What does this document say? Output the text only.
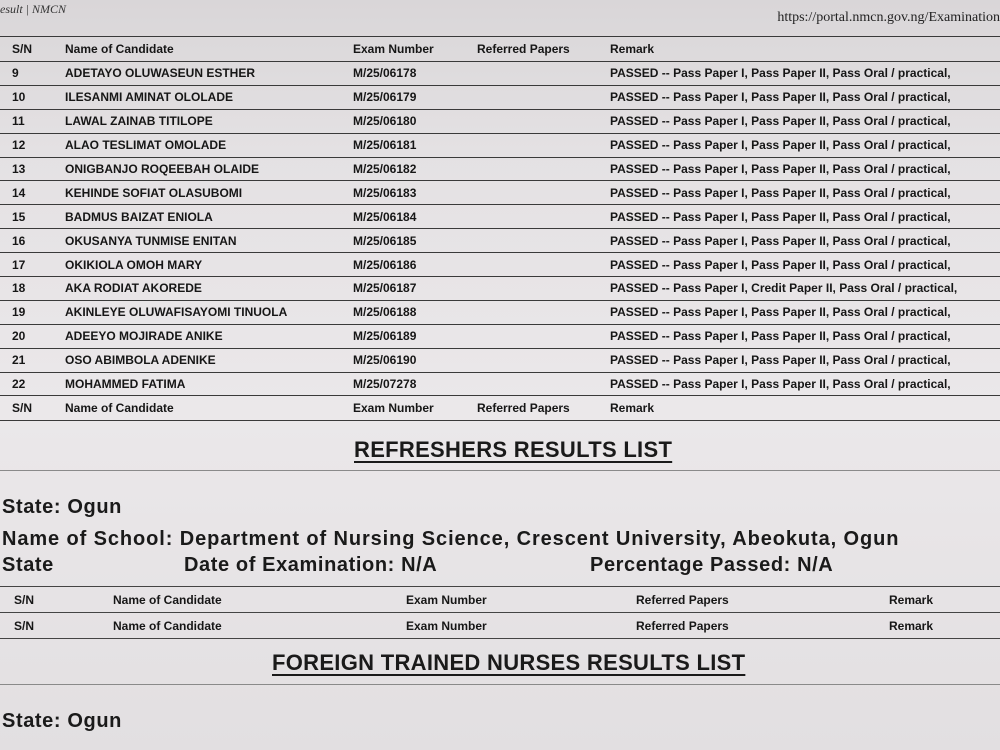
esult | NMCN
https://portal.nmcn.gov.ng/Examination
S/N	Name of Candidate	Exam Number	Referred Papers	Remark
9	ADETAYO OLUWASEUN ESTHER	M/25/06178		PASSED -- Pass Paper I, Pass Paper II, Pass Oral / practical,
10	ILESANMI AMINAT OLOLADE	M/25/06179		PASSED -- Pass Paper I, Pass Paper II, Pass Oral / practical,
11	LAWAL ZAINAB TITILOPE	M/25/06180		PASSED -- Pass Paper I, Pass Paper II, Pass Oral / practical,
12	ALAO TESLIMAT OMOLADE	M/25/06181		PASSED -- Pass Paper I, Pass Paper II, Pass Oral / practical,
13	ONIGBANJO ROQEEBAH OLAIDE	M/25/06182		PASSED -- Pass Paper I, Pass Paper II, Pass Oral / practical,
14	KEHINDE SOFIAT OLASUBOMI	M/25/06183		PASSED -- Pass Paper I, Pass Paper II, Pass Oral / practical,
15	BADMUS BAIZAT ENIOLA	M/25/06184		PASSED -- Pass Paper I, Pass Paper II, Pass Oral / practical,
16	OKUSANYA TUNMISE ENITAN	M/25/06185		PASSED -- Pass Paper I, Pass Paper II, Pass Oral / practical,
17	OKIKIOLA OMOH MARY	M/25/06186		PASSED -- Pass Paper I, Pass Paper II, Pass Oral / practical,
18	AKA RODIAT AKOREDE	M/25/06187		PASSED -- Pass Paper I, Credit Paper II, Pass Oral / practical,
19	AKINLEYE OLUWAFISAYOMI TINUOLA	M/25/06188		PASSED -- Pass Paper I, Pass Paper II, Pass Oral / practical,
20	ADEEYO MOJIRADE ANIKE	M/25/06189		PASSED -- Pass Paper I, Pass Paper II, Pass Oral / practical,
21	OSO ABIMBOLA ADENIKE	M/25/06190		PASSED -- Pass Paper I, Pass Paper II, Pass Oral / practical,
22	MOHAMMED FATIMA	M/25/07278		PASSED -- Pass Paper I, Pass Paper II, Pass Oral / practical,
S/N	Name of Candidate	Exam Number	Referred Papers	Remark
REFRESHERS RESULTS LIST
State: Ogun
Name of School: Department of Nursing Science, Crescent University, Abeokuta, Ogun
State	Date of Examination: N/A	Percentage Passed: N/A
S/N	Name of Candidate	Exam Number	Referred Papers	Remark
S/N	Name of Candidate	Exam Number	Referred Papers	Remark
FOREIGN TRAINED NURSES RESULTS LIST
State: Ogun
